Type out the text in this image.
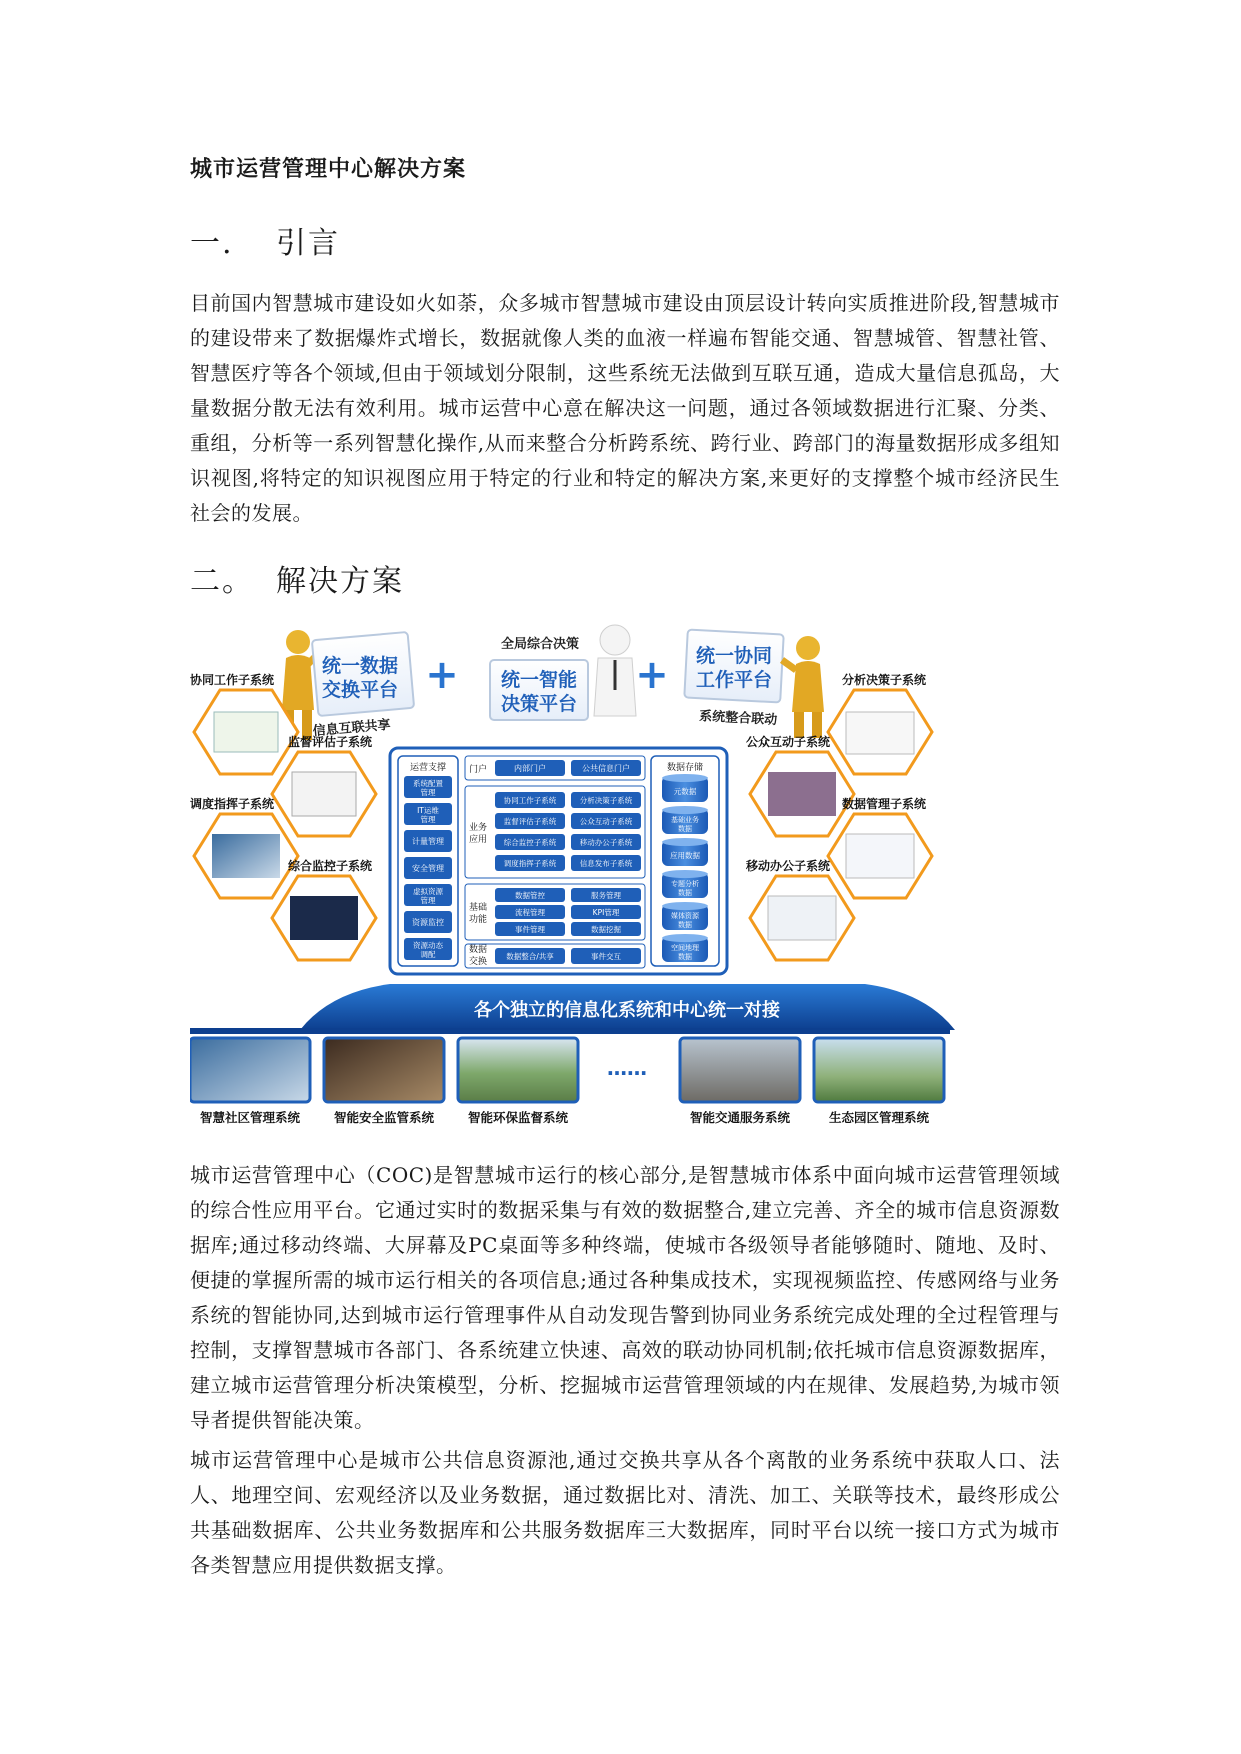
城市运营管理中心解决方案
一. 引言
目前国内智慧城市建设如火如荼，众多城市智慧城市建设由顶层设计转向实质推进阶段,智慧城市的建设带来了数据爆炸式增长，数据就像人类的血液一样遍布智能交通、智慧城管、智慧社管、智慧医疗等各个领域,但由于领域划分限制，这些系统无法做到互联互通，造成大量信息孤岛，大量数据分散无法有效利用。城市运营中心意在解决这一问题，通过各领域数据进行汇聚、分类、重组，分析等一系列智慧化操作,从而来整合分析跨系统、跨行业、跨部门的海量数据形成多组知识视图,将特定的知识视图应用于特定的行业和特定的解决方案,来更好的支撑整个城市经济民生社会的发展。
二。 解决方案
统一数据
交换平台
信息互联共享
+
全局综合决策
统一智能
决策平台
+ 统一协同
工作平台
系统整合联动
协同工作子系统
监督评估子系统
调度指挥子系统
综合监控子系统
分析决策子系统
公众互动子系统
数据管理子系统
移动办公子系统
运营支撑
系统配置
管理
IT运维
管理
计量管理
安全管理
虚拟资源
管理
资源监控
资源动态
调配
门户	内部门户	公共信息门户
业务
应用
协同工作子系统	分析决策子系统
监督评估子系统	公众互动子系统
综合监控子系统	移动办公子系统
调度指挥子系统	信息发布子系统
基础
功能
数据管控	服务管理
流程管理	KPI管理
事件管理	数据挖掘
数据
交换
数据整合/共享	事件交互
数据存储
元数据
基础业务
数据
应用数据
专题分析
数据
媒体资源
数据
空间地理
数据
各个独立的信息化系统和中心统一对接
……
智慧社区管理系统	智能安全监管系统	智能环保监督系统	智能交通服务系统	生态园区管理系统
城市运营管理中心（COC)是智慧城市运行的核心部分,是智慧城市体系中面向城市运营管理领域的综合性应用平台。它通过实时的数据采集与有效的数据整合,建立完善、齐全的城市信息资源数据库;通过移动终端、大屏幕及PC桌面等多种终端，使城市各级领导者能够随时、随地、及时、便捷的掌握所需的城市运行相关的各项信息;通过各种集成技术，实现视频监控、传感网络与业务系统的智能协同,达到城市运行管理事件从自动发现告警到协同业务系统完成处理的全过程管理与控制，支撑智慧城市各部门、各系统建立快速、高效的联动协同机制;依托城市信息资源数据库，建立城市运营管理分析决策模型，分析、挖掘城市运营管理领域的内在规律、发展趋势,为城市领导者提供智能决策。
城市运营管理中心是城市公共信息资源池,通过交换共享从各个离散的业务系统中获取人口、法人、地理空间、宏观经济以及业务数据，通过数据比对、清洗、加工、关联等技术，最终形成公共基础数据库、公共业务数据库和公共服务数据库三大数据库，同时平台以统一接口方式为城市各类智慧应用提供数据支撑。
